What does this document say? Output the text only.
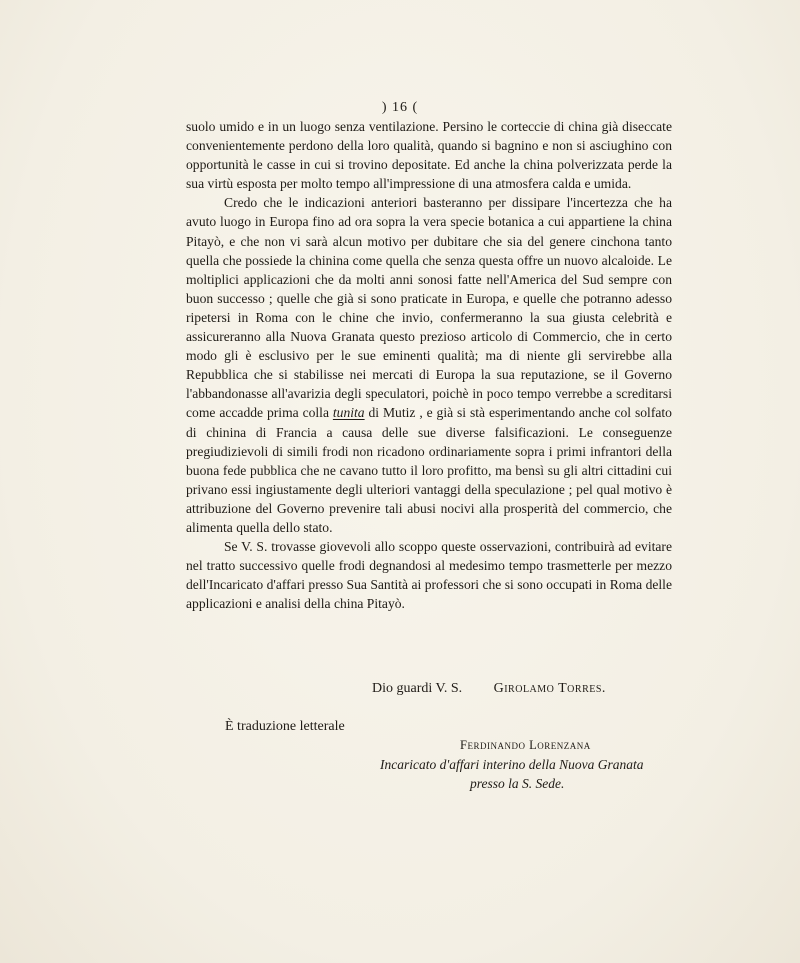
) 16 (

suolo umido e in un luogo senza ventilazione. Persino le corteccie di china già diseccate convenientemente perdono della loro qualità, quando si bagnino e non si asciughino con opportunità le casse in cui si trovino depositate. Ed anche la china polverizzata perde la sua virtù esposta per molto tempo all'impressione di una atmosfera calda e umida.

Credo che le indicazioni anteriori basteranno per dissipare l'incertezza che ha avuto luogo in Europa fino ad ora sopra la vera specie botanica a cui appartiene la china Pitayò, e che non vi sarà alcun motivo per dubitare che sia del genere cinchona tanto quella che possiede la chinina come quella che senza questa offre un nuovo alcaloide. Le moltiplici applicazioni che da molti anni sonosi fatte nell'America del Sud sempre con buon successo ; quelle che già si sono praticate in Europa, e quelle che potranno adesso ripetersi in Roma con le chine che invio, confermeranno la sua giusta celebrità e assicureranno alla Nuova Granata questo prezioso articolo di Commercio, che in certo modo gli è esclusivo per le sue eminenti qualità; ma di niente gli servirebbe alla Repubblica che si stabilisse nei mercati di Europa la sua reputazione, se il Governo l'abbandonasse all'avarizia degli speculatori, poichè in poco tempo verrebbe a screditarsi come accadde prima colla tunita di Mutiz , e già si stà esperimentando anche col solfato di chinina di Francia a causa delle sue diverse falsificazioni. Le conseguenze pregiudizievoli di simili frodi non ricadono ordinariamente sopra i primi infrantori della buona fede pubblica che ne cavano tutto il loro profitto, ma bensì su gli altri cittadini cui privano essi ingiustamente degli ulteriori vantaggi della speculazione ; pel qual motivo è attribuzione del Governo prevenire tali abusi nocivi alla prosperità del commercio, che alimenta quella dello stato.

Se V. S. trovasse giovevoli allo scoppo queste osservazioni, contribuirà ad evitare nel tratto successivo quelle frodi degnandosi al medesimo tempo trasmetterle per mezzo dell'Incaricato d'affari presso Sua Santità ai professori che si sono occupati in Roma delle applicazioni e analisi della china Pitayò.

Dio guardi V. S. Girolamo Torres.
È traduzione letterale
Ferdinando Lorenzana
Incaricato d'affari interino della Nuova Granata
presso la S. Sede.
